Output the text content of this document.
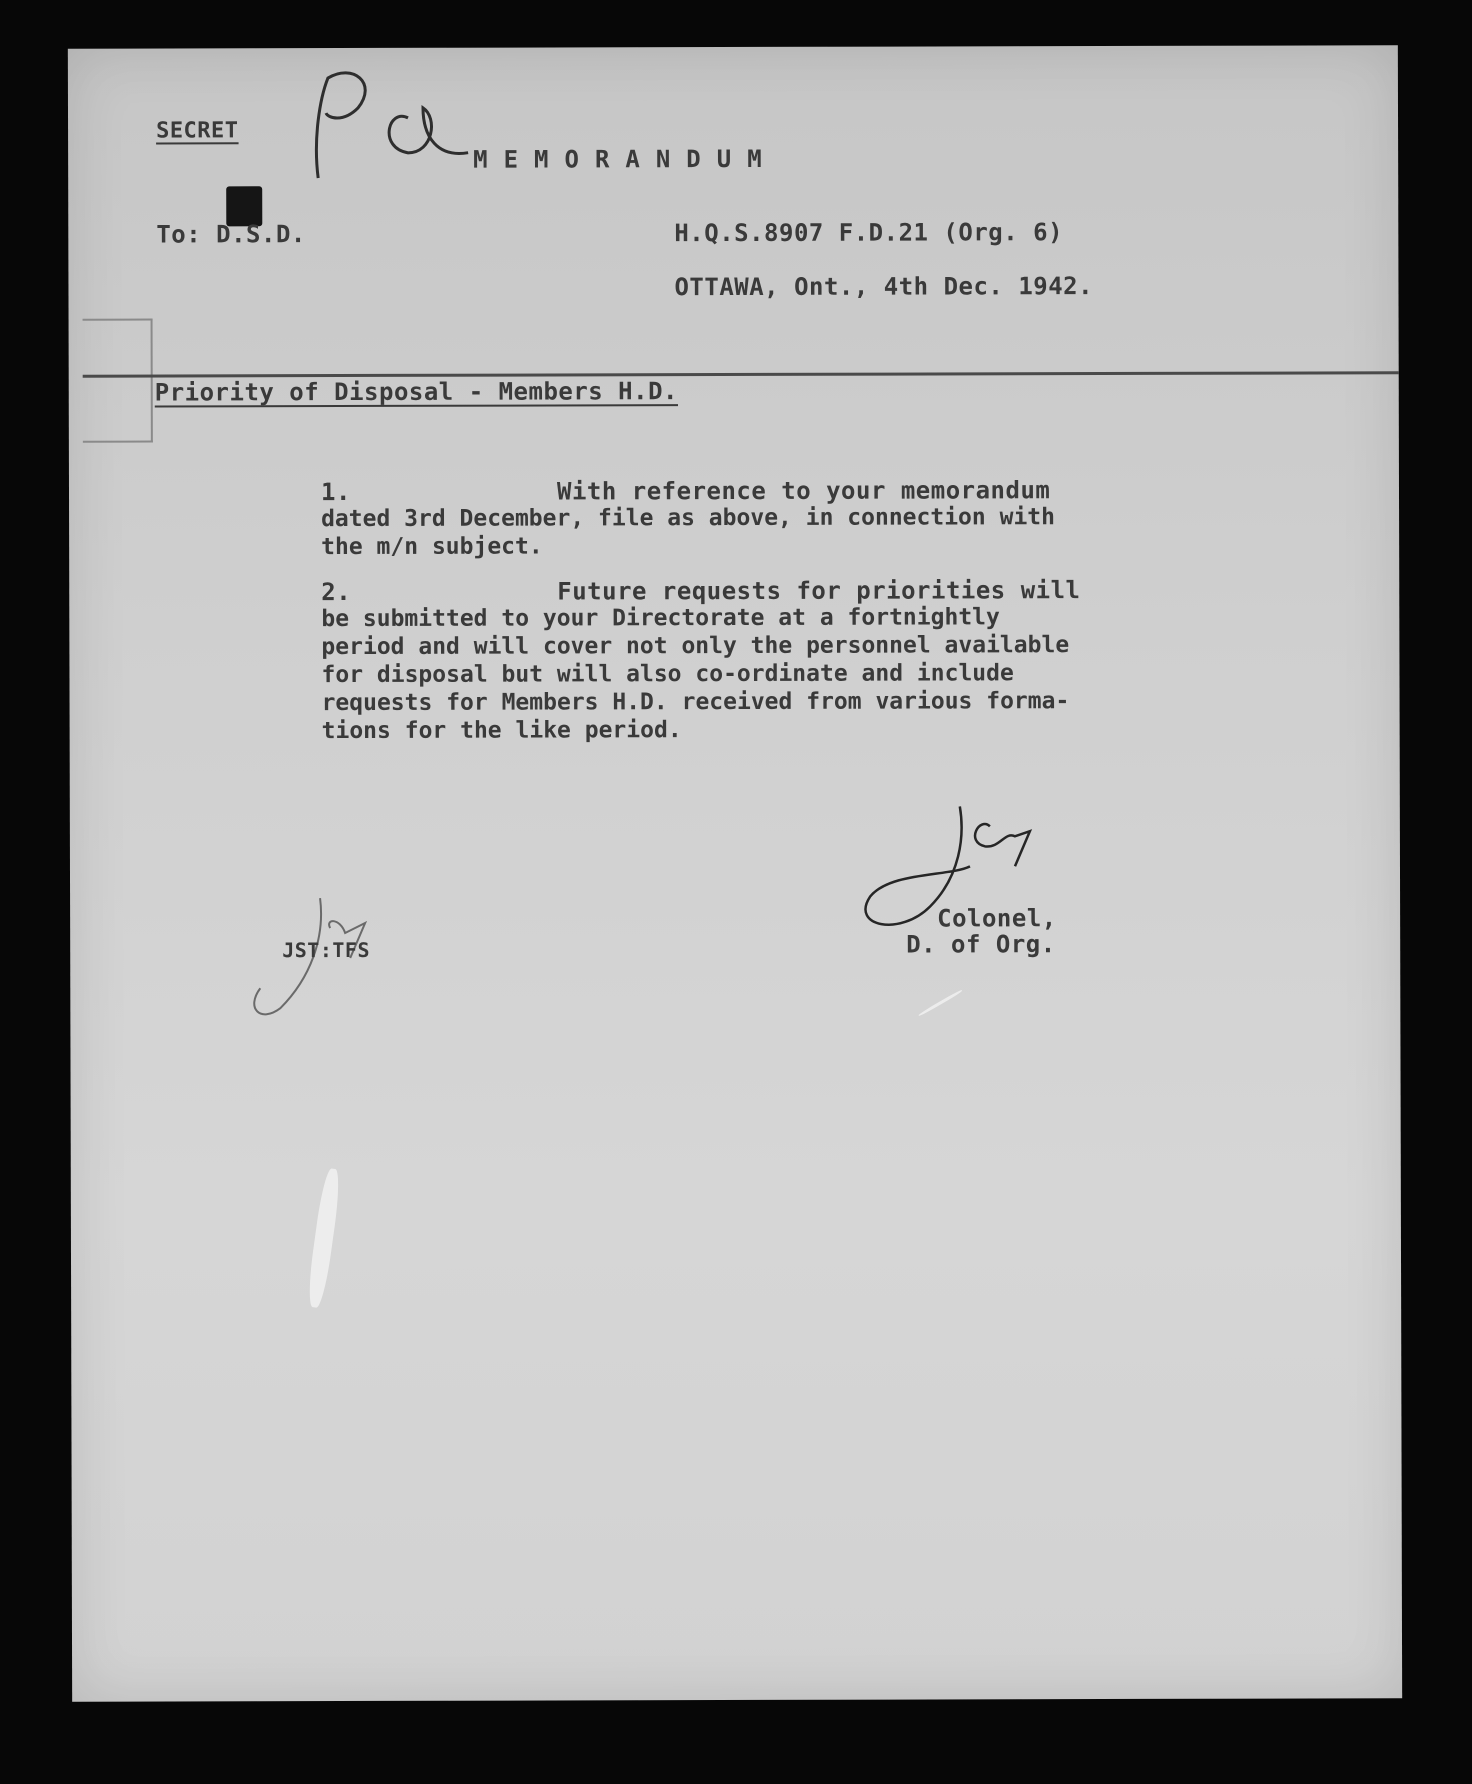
SECRET
MEMORANDUM
To: D.S.D.	H.Q.S.8907 F.D.21 (Org. 6)
OTTAWA, Ont., 4th Dec. 1942.
Priority of Disposal - Members H.D.
1.	With reference to your memorandum
dated 3rd December, file as above, in connection with
the m/n subject.
2.	Future requests for priorities will
be submitted to your Directorate at a fortnightly
period and will cover not only the personnel available
for disposal but will also co-ordinate and include
requests for Members H.D. received from various forma-
tions for the like period.
Colonel,
D. of Org.
JST:TFS
